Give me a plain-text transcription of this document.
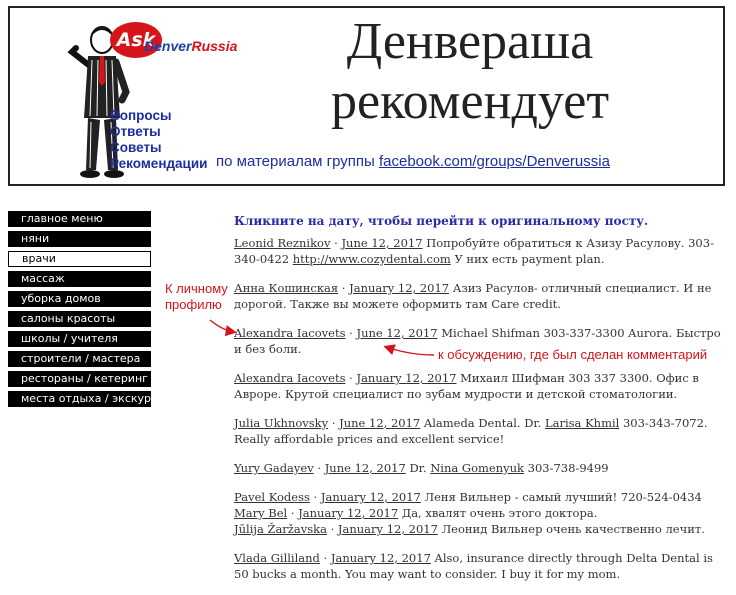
Ask
DenverRussia
Вопросы
Ответы
Советы
Рекомендации
Денвераша
рекомендует
по материалам группы facebook.com/groups/Denverussia
главное меню
няни
врачи
массаж
уборка домов
салоны красоты
школы / учителя
строители / мастера
рестораны / кетеринг
места отдыха / экскурсии
К личному
профилю
к обсуждению, где был сделан комментарий
Кликните на дату, чтобы перейти к оригинальному посту.

Leonid Reznikov · June 12, 2017 Попробуйте обратиться к Азизу Расулову. 303-340-0422 http://www.cozydental.com У них есть payment plan.

Анна Кошинская · January 12, 2017 Азиз Расулов- отличный специалист. И не дорогой. Также вы можете оформить там Care credit.

Alexandra Iacovets · June 12, 2017 Michael Shifman 303-337-3300 Aurora. Быстро и без боли.

Alexandra Iacovets · January 12, 2017 Михаил Шифман 303 337 3300. Офис в Авроре. Крутой специалист по зубам мудрости и детской стоматологии.

Julia Ukhnovsky · June 12, 2017 Alameda Dental. Dr. Larisa Khmil 303-343-7072. Really affordable prices and excellent service!

Yury Gadayev · June 12, 2017 Dr. Nina Gomenyuk 303-738-9499

Pavel Kodess · January 12, 2017 Леня Вильнер - самый лучший! 720-524-0434

Mary Bel · January 12, 2017 Да, хвалят очень этого доктора.

Jūlija Žaržavska · January 12, 2017 Леонид Вильнер очень качественно лечит.

Vlada Gilliland · January 12, 2017 Also, insurance directly through Delta Dental is 50 bucks a month. You may want to consider. I buy it for my mom.
